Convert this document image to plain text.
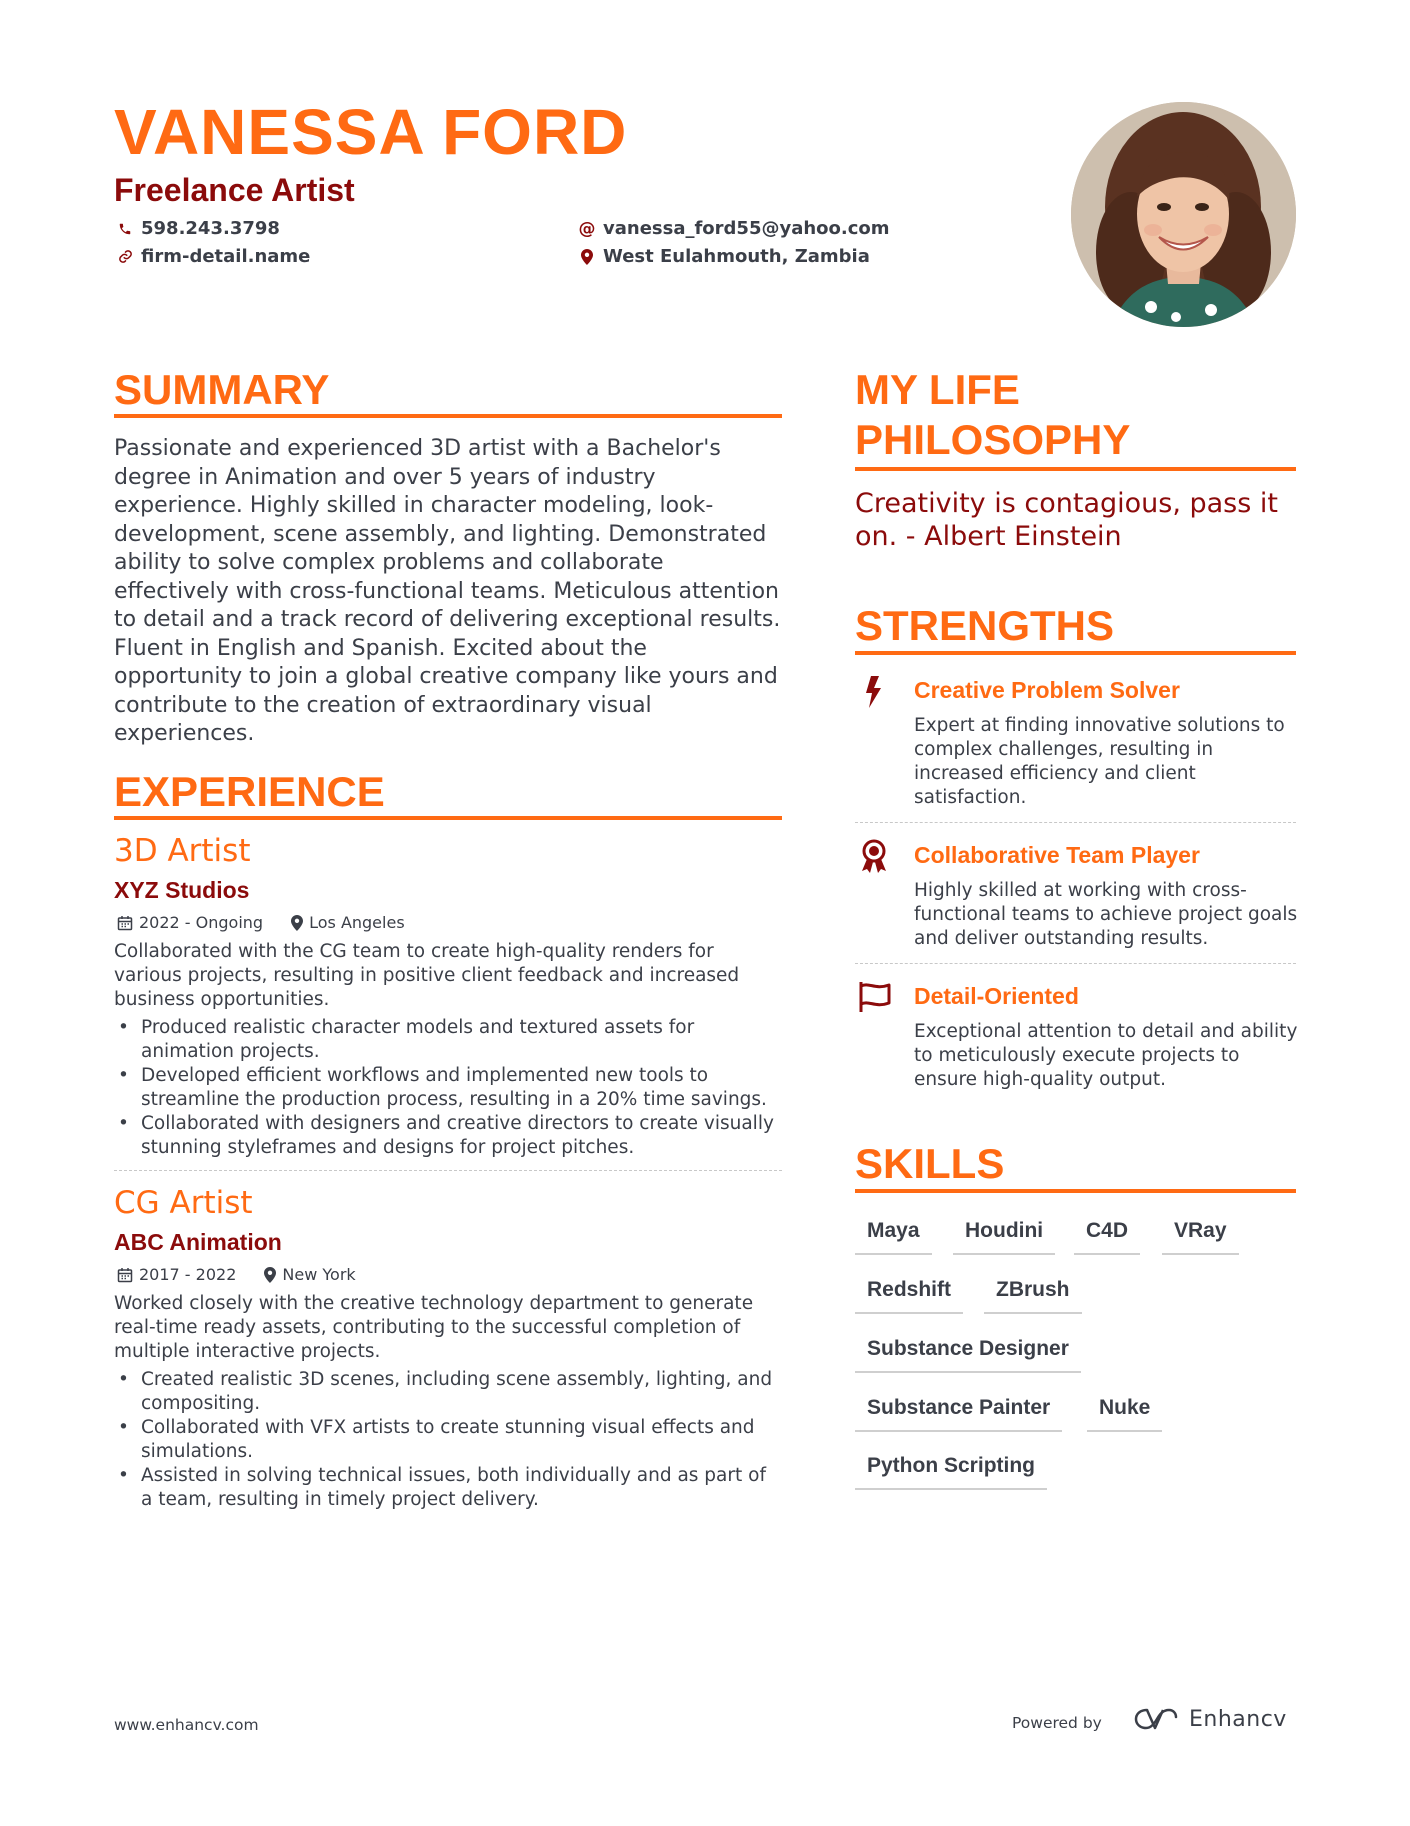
VANESSA FORD
Freelance Artist
598.243.3798
firm-detail.name
@ vanessa_ford55@yahoo.com
West Eulahmouth, Zambia
SUMMARY
Passionate and experienced 3D artist with a Bachelor's degree in Animation and over 5 years of industry experience. Highly skilled in character modeling, look-development, scene assembly, and lighting. Demonstrated ability to solve complex problems and collaborate effectively with cross-functional teams. Meticulous attention to detail and a track record of delivering exceptional results. Fluent in English and Spanish. Excited about the opportunity to join a global creative company like yours and contribute to the creation of extraordinary visual experiences.
EXPERIENCE
3D Artist
XYZ Studios
2022 - Ongoing	Los Angeles
Collaborated with the CG team to create high-quality renders for various projects, resulting in positive client feedback and increased business opportunities.
• Produced realistic character models and textured assets for animation projects.
• Developed efficient workflows and implemented new tools to streamline the production process, resulting in a 20% time savings.
• Collaborated with designers and creative directors to create visually stunning styleframes and designs for project pitches.
CG Artist
ABC Animation
2017 - 2022	New York
Worked closely with the creative technology department to generate real-time ready assets, contributing to the successful completion of multiple interactive projects.
• Created realistic 3D scenes, including scene assembly, lighting, and compositing.
• Collaborated with VFX artists to create stunning visual effects and simulations.
• Assisted in solving technical issues, both individually and as part of a team, resulting in timely project delivery.
MY LIFE
PHILOSOPHY
Creativity is contagious, pass it on. - Albert Einstein
STRENGTHS
Creative Problem Solver
Expert at finding innovative solutions to complex challenges, resulting in increased efficiency and client satisfaction.
Collaborative Team Player
Highly skilled at working with cross-functional teams to achieve project goals and deliver outstanding results.
Detail-Oriented
Exceptional attention to detail and ability to meticulously execute projects to ensure high-quality output.
SKILLS
Maya	Houdini	C4D	VRay
Redshift	ZBrush
Substance Designer
Substance Painter	Nuke
Python Scripting
www.enhancv.com	Powered by	Enhancv
